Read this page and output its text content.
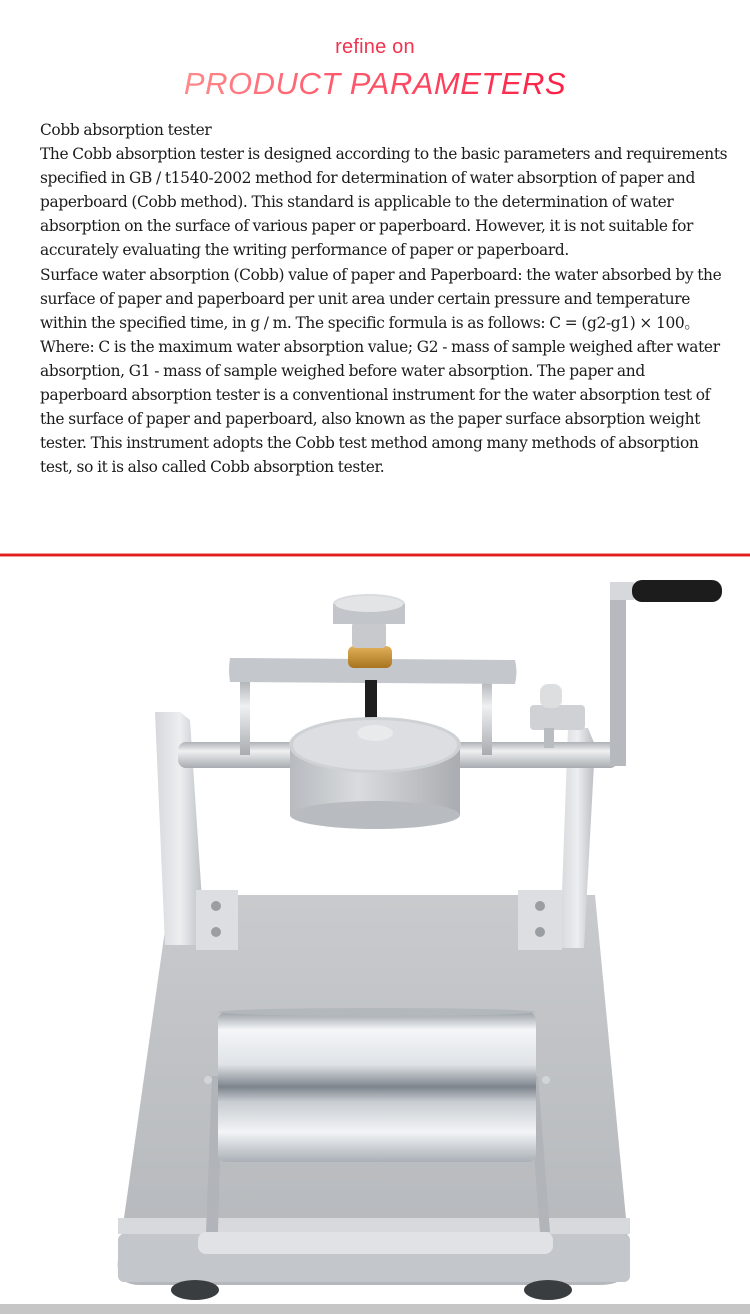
refine on
PRODUCT PARAMETERS

Cobb absorption tester

The Cobb absorption tester is designed according to the basic parameters and requirements specified in GB / t1540-2002 method for determination of water absorption of paper and paperboard (Cobb method). This standard is applicable to the determination of water absorption on the surface of various paper or paperboard. However, it is not suitable for accurately evaluating the writing performance of paper or paperboard.

Surface water absorption (Cobb) value of paper and Paperboard: the water absorbed by the surface of paper and paperboard per unit area under certain pressure and temperature within the specified time, in g / m. The specific formula is as follows: C = (g2-g1) × 100。 Where: C is the maximum water absorption value; G2 - mass of sample weighed after water absorption, G1 - mass of sample weighed before water absorption. The paper and paperboard absorption tester is a conventional instrument for the water absorption test of the surface of paper and paperboard, also known as the paper surface absorption weight tester. This instrument adopts the Cobb test method among many methods of absorption test, so it is also called Cobb absorption tester.
